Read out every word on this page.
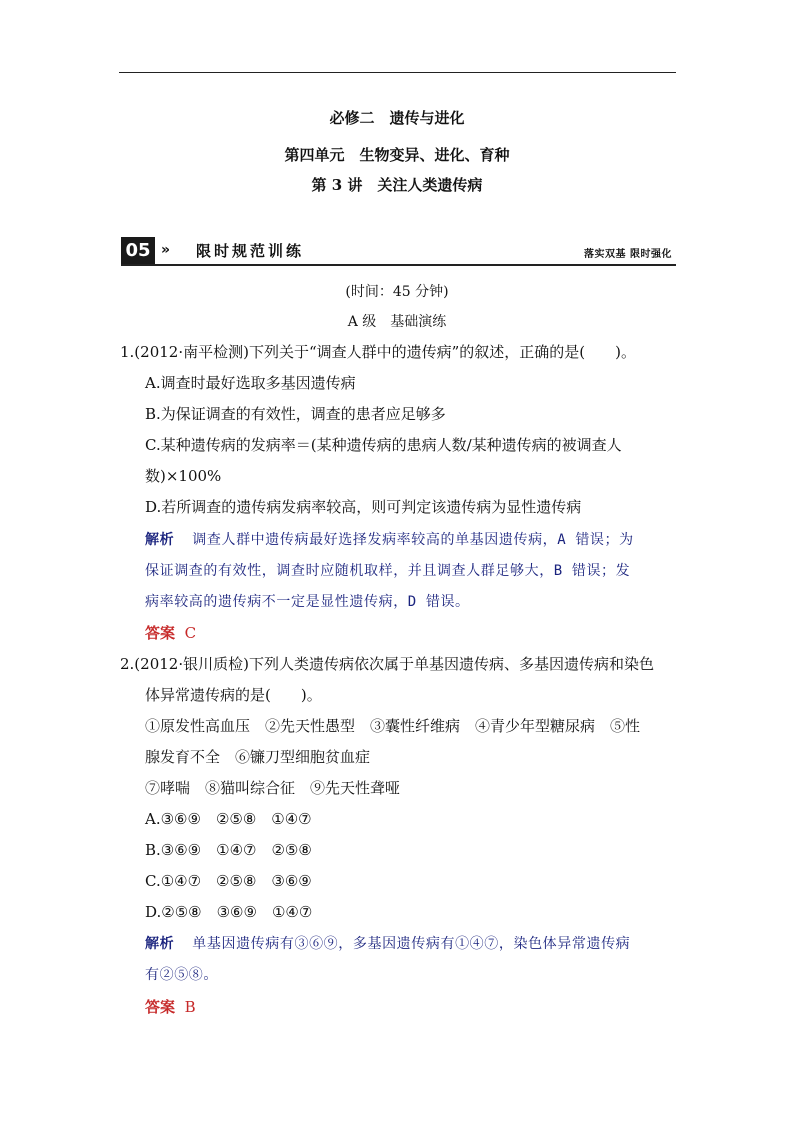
必修二　遗传与进化
第四单元　生物变异、进化、育种
第 3 讲　关注人类遗传病
05 » 限时规范训练	落实双基 限时强化
(时间：45 分钟)
A 级　基础演练
1.(2012·南平检测)下列关于“调查人群中的遗传病”的叙述，正确的是(　　)。
A.调查时最好选取多基因遗传病
B.为保证调查的有效性，调查的患者应足够多
C.某种遗传病的发病率＝(某种遗传病的患病人数/某种遗传病的被调查人
数)×100%
D.若所调查的遗传病发病率较高，则可判定该遗传病为显性遗传病
解析 调查人群中遗传病最好选择发病率较高的单基因遗传病，A 错误；为
保证调查的有效性，调查时应随机取样，并且调查人群足够大，B 错误；发
病率较高的遗传病不一定是显性遗传病，D 错误。
答案 C
2.(2012·银川质检)下列人类遗传病依次属于单基因遗传病、多基因遗传病和染色
体异常遗传病的是(　　)。
①原发性高血压　②先天性愚型　③囊性纤维病　④青少年型糖尿病　⑤性
腺发育不全　⑥镰刀型细胞贫血症
⑦哮喘　⑧猫叫综合征　⑨先天性聋哑
A.③⑥⑨　②⑤⑧　①④⑦
B.③⑥⑨　①④⑦　②⑤⑧
C.①④⑦　②⑤⑧　③⑥⑨
D.②⑤⑧　③⑥⑨　①④⑦
解析 单基因遗传病有③⑥⑨，多基因遗传病有①④⑦，染色体异常遗传病
有②⑤⑧。
答案 B
